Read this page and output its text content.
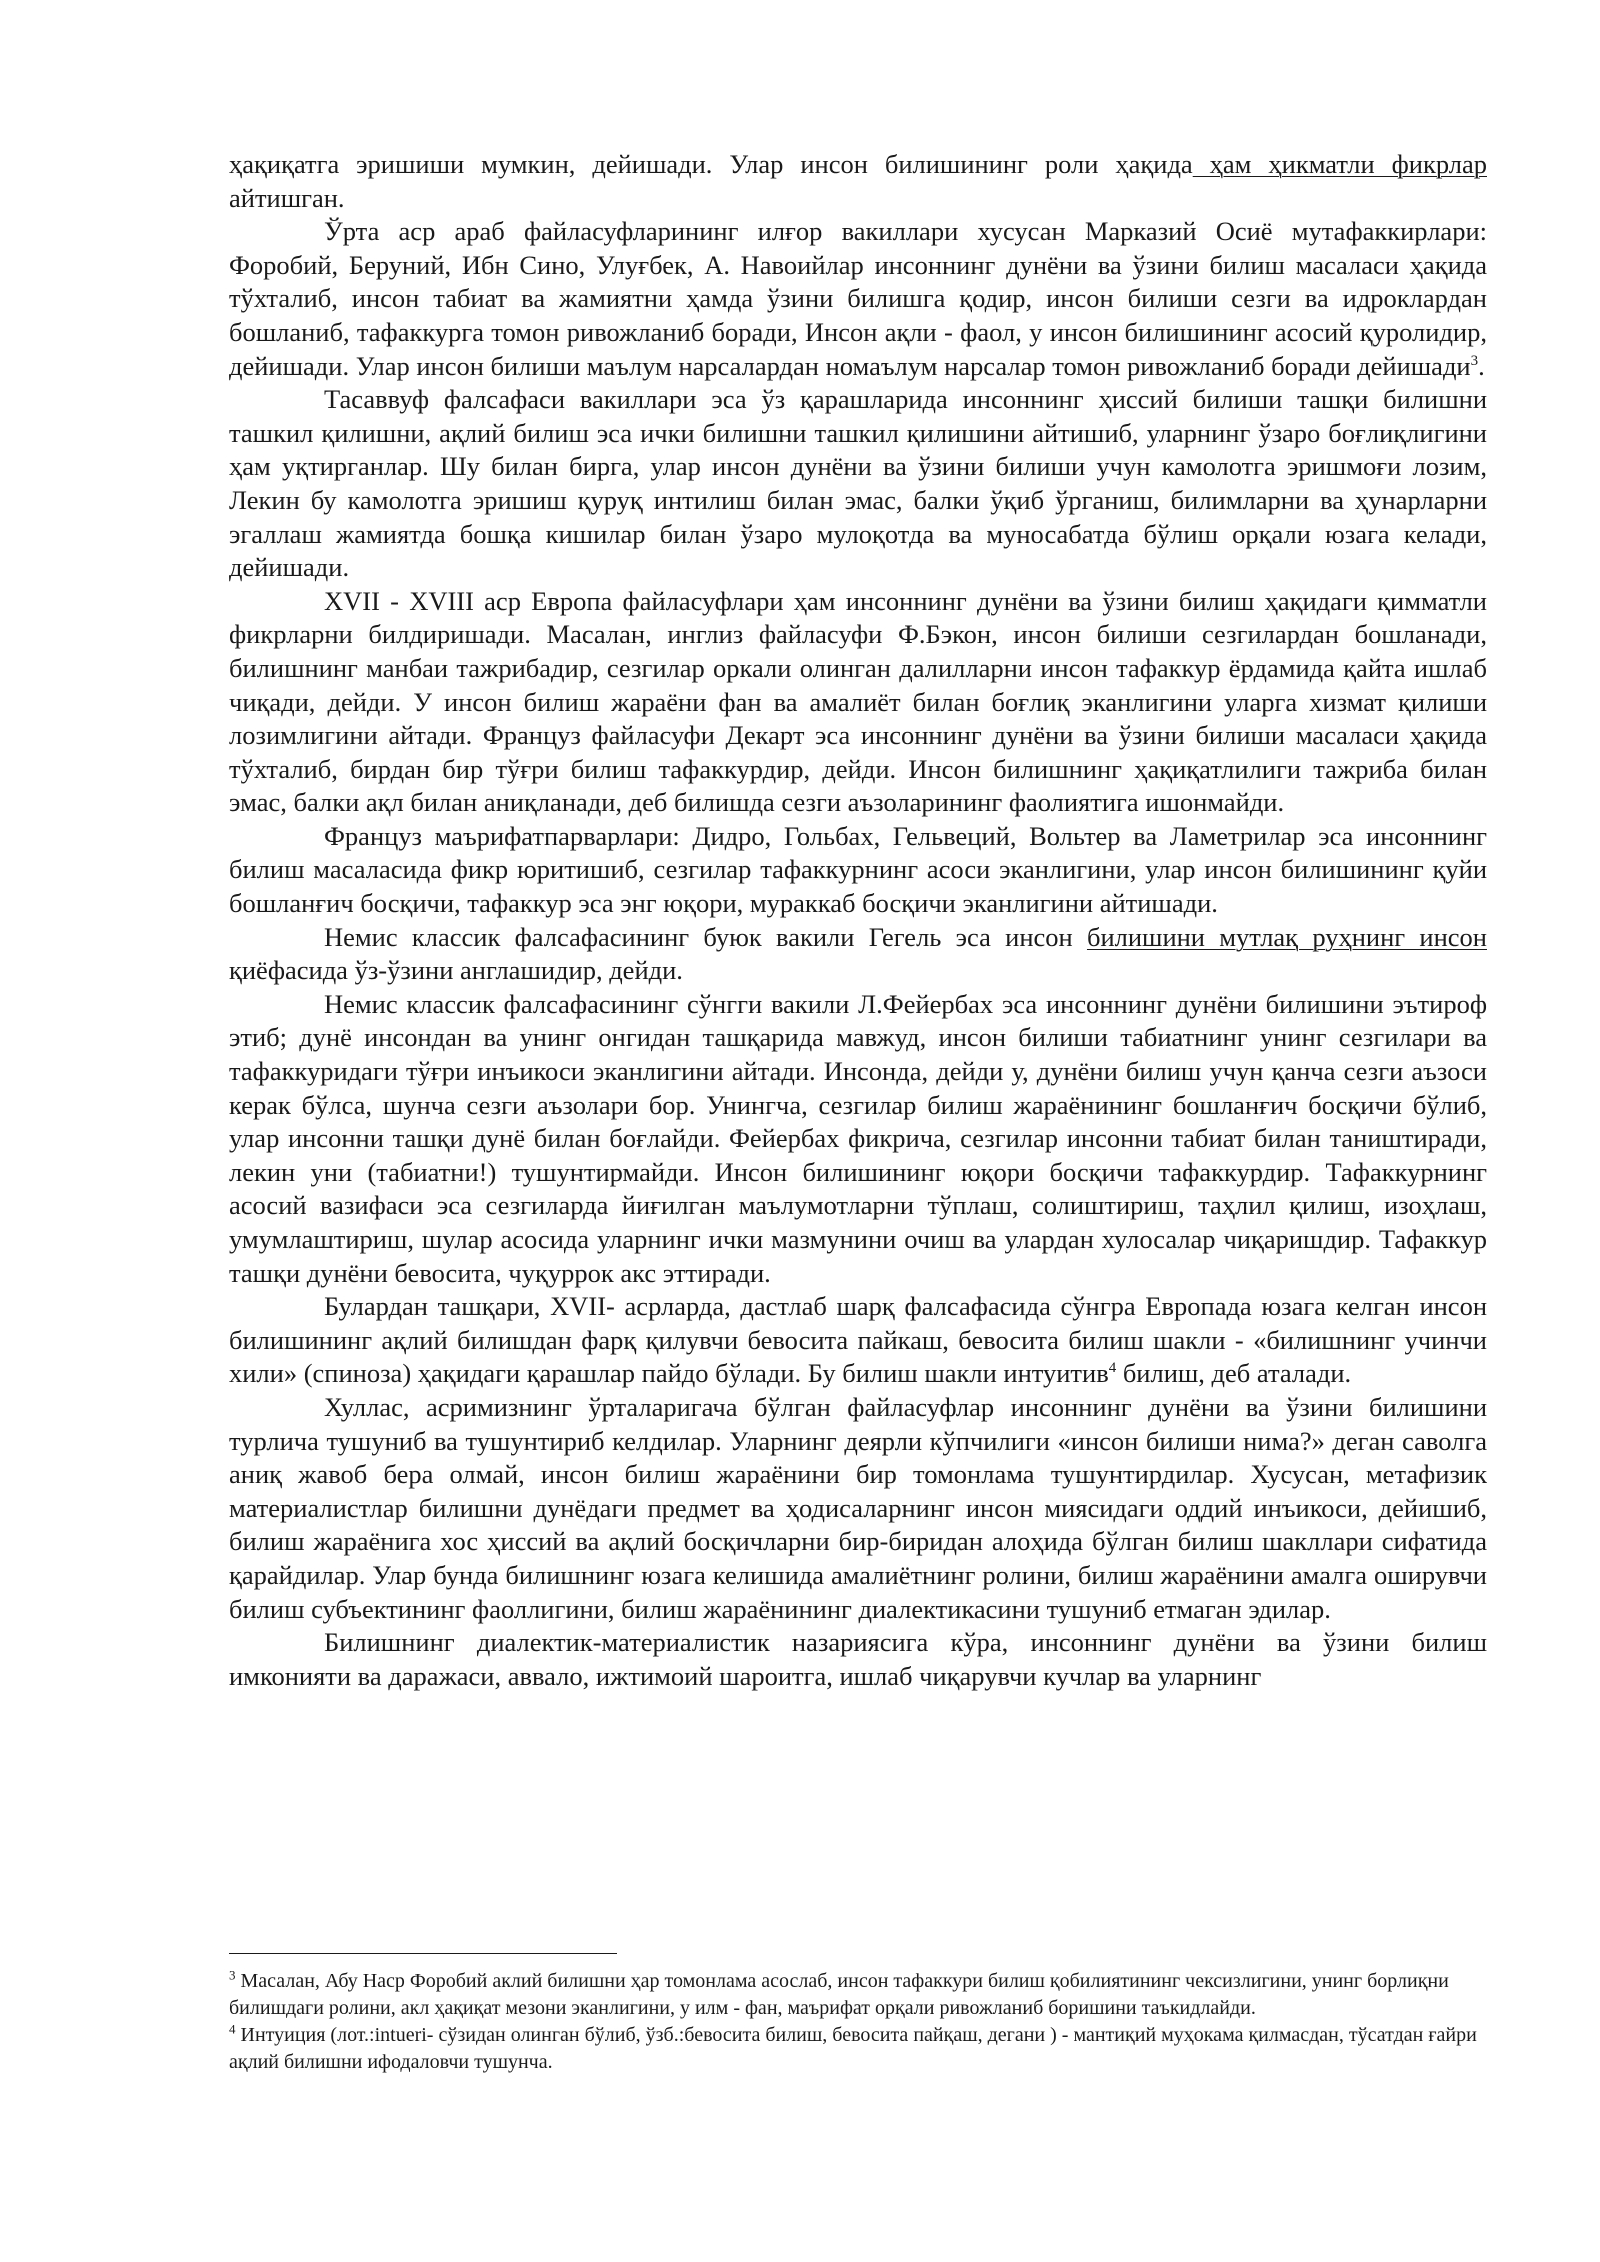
ҳақиқатга эришиши мумкин, дейишади. Улар инсон билишининг роли ҳақида ҳам ҳикматли фикрлар айтишган.

Ўрта аср араб файласуфларининг илғор вакиллари хусусан Марказий Осиё мутафаккирлари: Форобий, Беруний, Ибн Сино, Улуғбек, А. Навоийлар инсоннинг дунёни ва ўзини билиш масаласи ҳақида тўхталиб, инсон табиат ва жамиятни ҳамда ўзини билишга қодир, инсон билиши сезги ва идроклардан бошланиб, тафаккурга томон ривожланиб боради, Инсон ақли - фаол, у инсон билишининг асосий қуролидир, дейишади. Улар инсон билиши маълум нарсалардан номаълум нарсалар томон ривожланиб боради дейишади$^3$.

Тасаввуф фалсафаси вакиллари эса ўз қарашларида инсоннинг ҳиссий билиши ташқи билишни ташкил қилишни, ақлий билиш эса ички билишни ташкил қилишини айтишиб, уларнинг ўзаро боғлиқлигини ҳам уқтирганлар. Шу билан бирга, улар инсон дунёни ва ўзини билиши учун камолотга эришмоғи лозим, Лекин бу камолотга эришиш қуруқ интилиш билан эмас, балки ўқиб ўрганиш, билимларни ва ҳунарларни эгаллаш жамиятда бошқа кишилар билан ўзаро мулоқотда ва муносабатда бўлиш орқали юзага келади, дейишади.

XVII - XVIII аср Европа файласуфлари ҳам инсоннинг дунёни ва ўзини билиш ҳақидаги қимматли фикрларни билдиришади. Масалан, инглиз файласуфи Ф.Бэкон, инсон билиши сезгилардан бошланади, билишнинг манбаи тажрибадир, сезгилар оркали олинган далилларни инсон тафаккур ёрдамида қайта ишлаб чиқади, дейди. У инсон билиш жараёни фан ва амалиёт билан боғлиқ эканлигини уларга хизмат қилиши лозимлигини айтади. Француз файласуфи Декарт эса инсоннинг дунёни ва ўзини билиши масаласи ҳақида тўхталиб, бирдан бир тўғри билиш тафаккурдир, дейди. Инсон билишнинг ҳақиқатлилиги тажриба билан эмас, балки ақл билан аниқланади, деб билишда сезги аъзоларининг фаолиятига ишонмайди.

Француз маърифатпарварлари: Дидро, Гольбах, Гельвеций, Вольтер ва Ламетрилар эса инсоннинг билиш масаласида фикр юритишиб, сезгилар тафаккурнинг асоси эканлигини, улар инсон билишининг қуйи бошланғич босқичи, тафаккур эса энг юқори, мураккаб босқичи эканлигини айтишади.

Немис классик фалсафасининг буюк вакили Гегель эса инсон билишини мутлақ руҳнинг инсон қиёфасида ўз-ўзини англашидир, дейди.

Немис классик фалсафасининг сўнгги вакили Л.Фейербах эса инсоннинг дунёни билишини эътироф этиб; дунё инсондан ва унинг онгидан ташқарида мавжуд, инсон билиши табиатнинг унинг сезгилари ва тафаккуридаги тўғри инъикоси эканлигини айтади. Инсонда, дейди у, дунёни билиш учун қанча сезги аъзоси керак бўлса, шунча сезги аъзолари бор. Унингча, сезгилар билиш жараёнининг бошланғич босқичи бўлиб, улар инсонни ташқи дунё билан боғлайди. Фейербах фикрича, сезгилар инсонни табиат билан таништиради, лекин уни (табиатни!) тушунтирмайди. Инсон билишининг юқори босқичи тафаккурдир. Тафаккурнинг асосий вазифаси эса сезгиларда йиғилган маълумотларни тўплаш, солиштириш, таҳлил қилиш, изоҳлаш, умумлаштириш, шулар асосида уларнинг ички мазмунини очиш ва улардан хулосалар чиқаришдир. Тафаккур ташқи дунёни бевосита, чуқуррок акс эттиради.

Булардан ташқари, XVII- асрларда, дастлаб шарқ фалсафасида сўнгра Европада юзага келган инсон билишининг ақлий билишдан фарқ қилувчи бевосита пайкаш, бевосита билиш шакли - «билишнинг учинчи хили» (спиноза) ҳақидаги қарашлар пайдо бўлади. Бу билиш шакли интуитив$^4$ билиш, деб аталади.

Хуллас, асримизнинг ўрталаригача бўлган файласуфлар инсоннинг дунёни ва ўзини билишини турлича тушуниб ва тушунтириб келдилар. Уларнинг деярли кўпчилиги «инсон билиши нима?» деган саволга аниқ жавоб бера олмай, инсон билиш жараёнини бир томонлама тушунтирдилар. Хусусан, метафизик материалистлар билишни дунёдаги предмет ва ҳодисаларнинг инсон миясидаги оддий инъикоси, дейишиб, билиш жараёнига хос ҳиссий ва ақлий босқичларни бир-биридан алоҳида бўлган билиш шакллари сифатида қарайдилар. Улар бунда билишнинг юзага келишида амалиётнинг ролини, билиш жараёнини амалга оширувчи билиш субъектининг фаоллигини, билиш жараёнининг диалектикасини тушуниб етмаган эдилар.

Билишнинг диалектик-материалистик назариясига кўра, инсоннинг дунёни ва ўзини билиш имконияти ва даражаси, аввало, ижтимоий шароитга, ишлаб чиқарувчи кучлар ва уларнинг

$^3$ Масалан, Абу Наср Форобий аклий билишни ҳар томонлама асослаб, инсон тафаккури билиш қобилиятининг чексизлигини, унинг борлиқни билишдаги ролини, акл ҳақиқат мезони эканлигини, у илм - фан, маърифат орқали ривожланиб боришини таъкидлайди.

$^4$ Интуиция (лот.:intueri- сўзидан олинган бўлиб, ўзб.:бевосита билиш, бевосита пайқаш, дегани ) - мантиқий муҳокама қилмасдан, тўсатдан ғайри ақлий билишни ифодаловчи тушунча.
